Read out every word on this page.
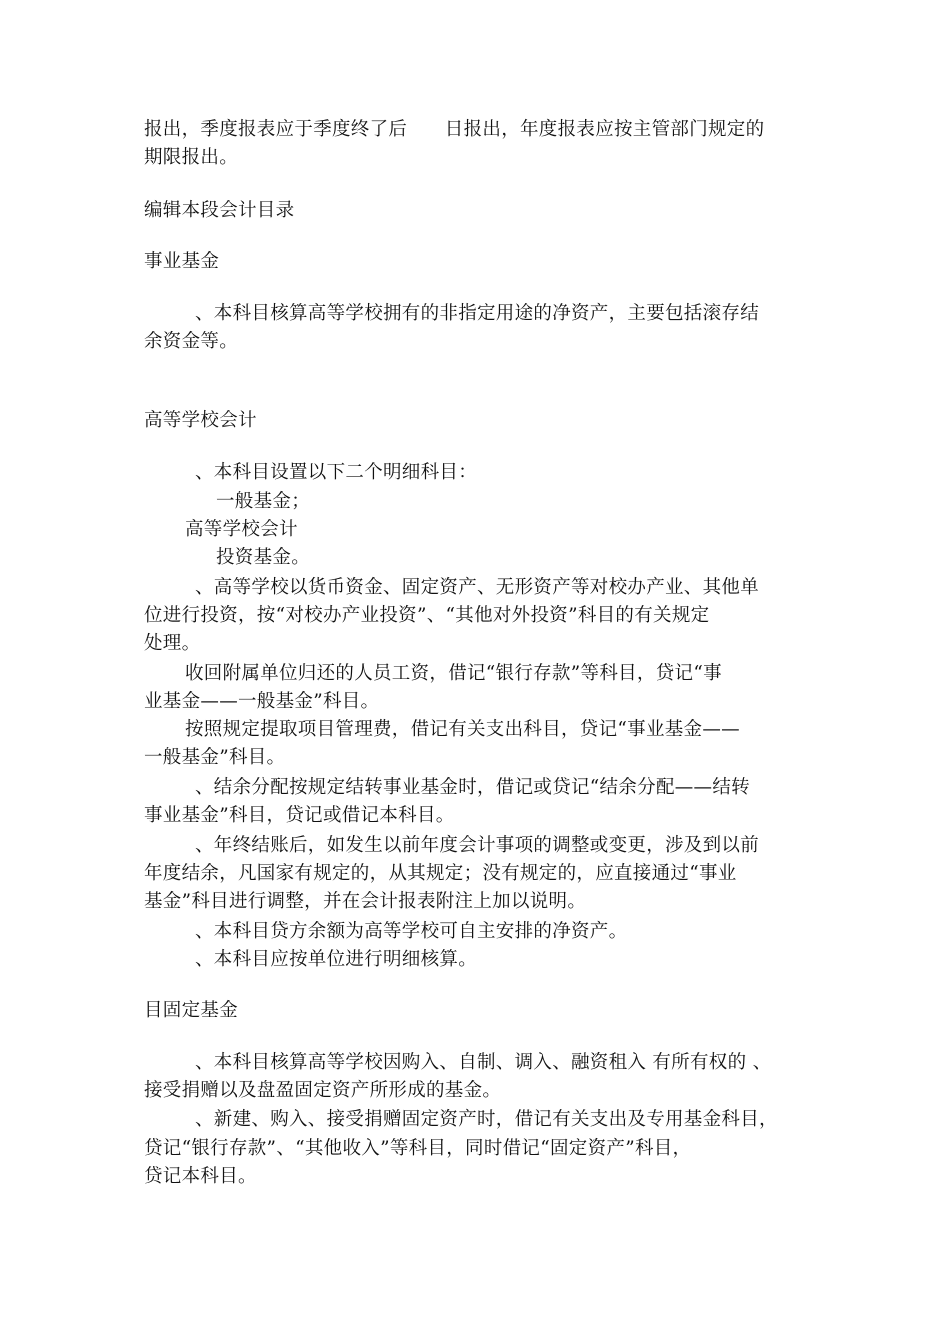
报出，季度报表应于季度终了后　　日报出，年度报表应按主管部门规定的
期限报出。
编辑本段会计目录
事业基金
、本科目核算高等学校拥有的非指定用途的净资产，主要包括滚存结
余资金等。
高等学校会计
、本科目设置以下二个明细科目：
一般基金；
高等学校会计
投资基金。
、高等学校以货币资金、固定资产、无形资产等对校办产业、其他单
位进行投资，按“对校办产业投资”、“其他对外投资”科目的有关规定
处理。
收回附属单位归还的人员工资，借记“银行存款”等科目，贷记“事
业基金——一般基金”科目。
按照规定提取项目管理费，借记有关支出科目，贷记“事业基金——
一般基金”科目。
、结余分配按规定结转事业基金时，借记或贷记“结余分配——结转
事业基金”科目，贷记或借记本科目。
、年终结账后，如发生以前年度会计事项的调整或变更，涉及到以前
年度结余，凡国家有规定的，从其规定；没有规定的，应直接通过“事业
基金”科目进行调整，并在会计报表附注上加以说明。
、本科目贷方余额为高等学校可自主安排的净资产。
、本科目应按单位进行明细核算。
目固定基金
、本科目核算高等学校因购入、自制、调入、融资租入 有所有权的 、
接受捐赠以及盘盈固定资产所形成的基金。
、新建、购入、接受捐赠固定资产时，借记有关支出及专用基金科目，
贷记“银行存款”、“其他收入”等科目，同时借记“固定资产”科目，
贷记本科目。
